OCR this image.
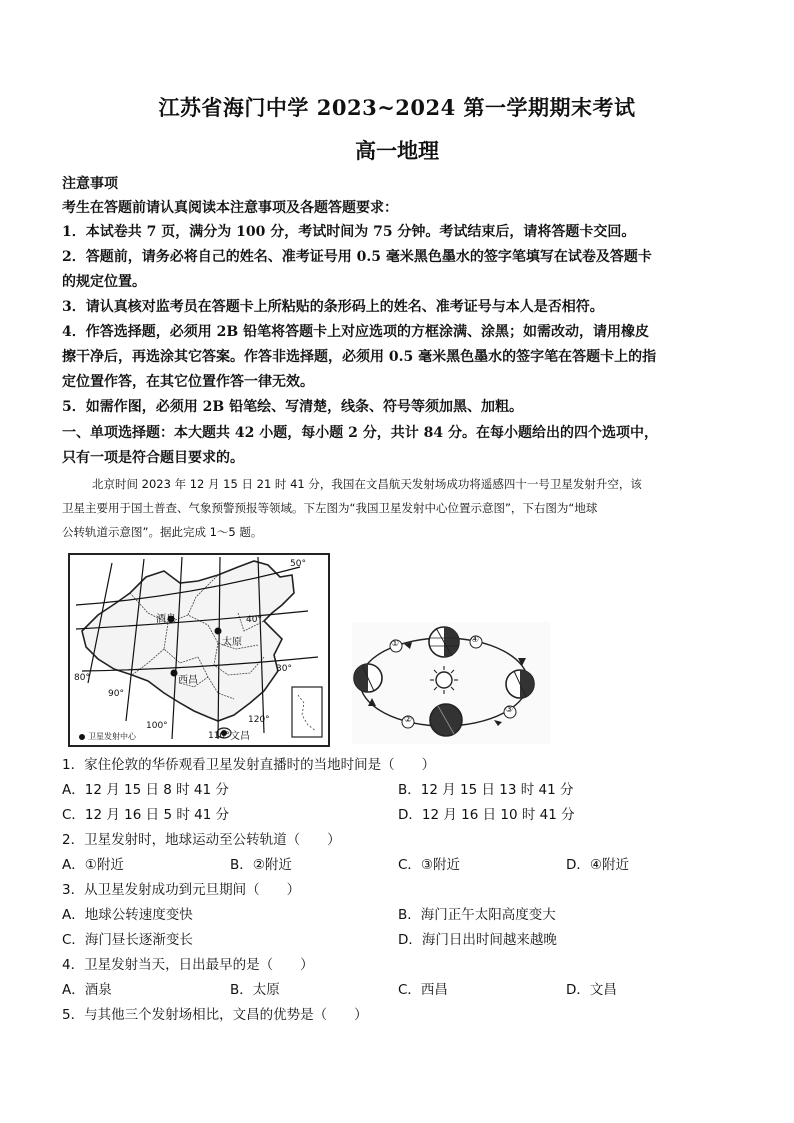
江苏省海门中学 2023~2024 第一学期期末考试
高一地理
注意事项
考生在答题前请认真阅读本注意事项及各题答题要求：
1．本试卷共 7 页，满分为 100 分，考试时间为 75 分钟。考试结束后，请将答题卡交回。
2．答题前，请务必将自己的姓名、准考证号用 0.5 毫米黑色墨水的签字笔填写在试卷及答题卡
的规定位置。
3．请认真核对监考员在答题卡上所粘贴的条形码上的姓名、准考证号与本人是否相符。
4．作答选择题，必须用 2B 铅笔将答题卡上对应选项的方框涂满、涂黑；如需改动，请用橡皮
擦干净后，再选涂其它答案。作答非选择题，必须用 0.5 毫米黑色墨水的签字笔在答题卡上的指
定位置作答，在其它位置作答一律无效。
5．如需作图，必须用 2B 铅笔绘、写清楚，线条、符号等须加黑、加粗。
一、单项选择题：本大题共 42 小题，每小题 2 分，共计 84 分。在每小题给出的四个选项中，
只有一项是符合题目要求的。
北京时间 2023 年 12 月 15 日 21 时 41 分，我国在文昌航天发射场成功将遥感四十一号卫星发射升空，该
卫星主要用于国土普查、气象预警预报等领域。下左图为“我国卫星发射中心位置示意图”，下右图为“地球
公转轨道示意图”。据此完成 1～5 题。
酒泉
太原
西昌
文昌
50°
40°
30°
80°
90°
100°
110°
120°
卫星发射中心
①
②
③
④
1．家住伦敦的华侨观看卫星发射直播时的当地时间是（　　）
A．12 月 15 日 8 时 41 分	B．12 月 15 日 13 时 41 分
C．12 月 16 日 5 时 41 分	D．12 月 16 日 10 时 41 分
2．卫星发射时，地球运动至公转轨道（　　）
A．①附近	B．②附近	C．③附近	D．④附近
3．从卫星发射成功到元旦期间（　　）
A．地球公转速度变快	B．海门正午太阳高度变大
C．海门昼长逐渐变长	D．海门日出时间越来越晚
4．卫星发射当天，日出最早的是（　　）
A．酒泉	B．太原	C．西昌	D．文昌
5．与其他三个发射场相比，文昌的优势是（　　）
